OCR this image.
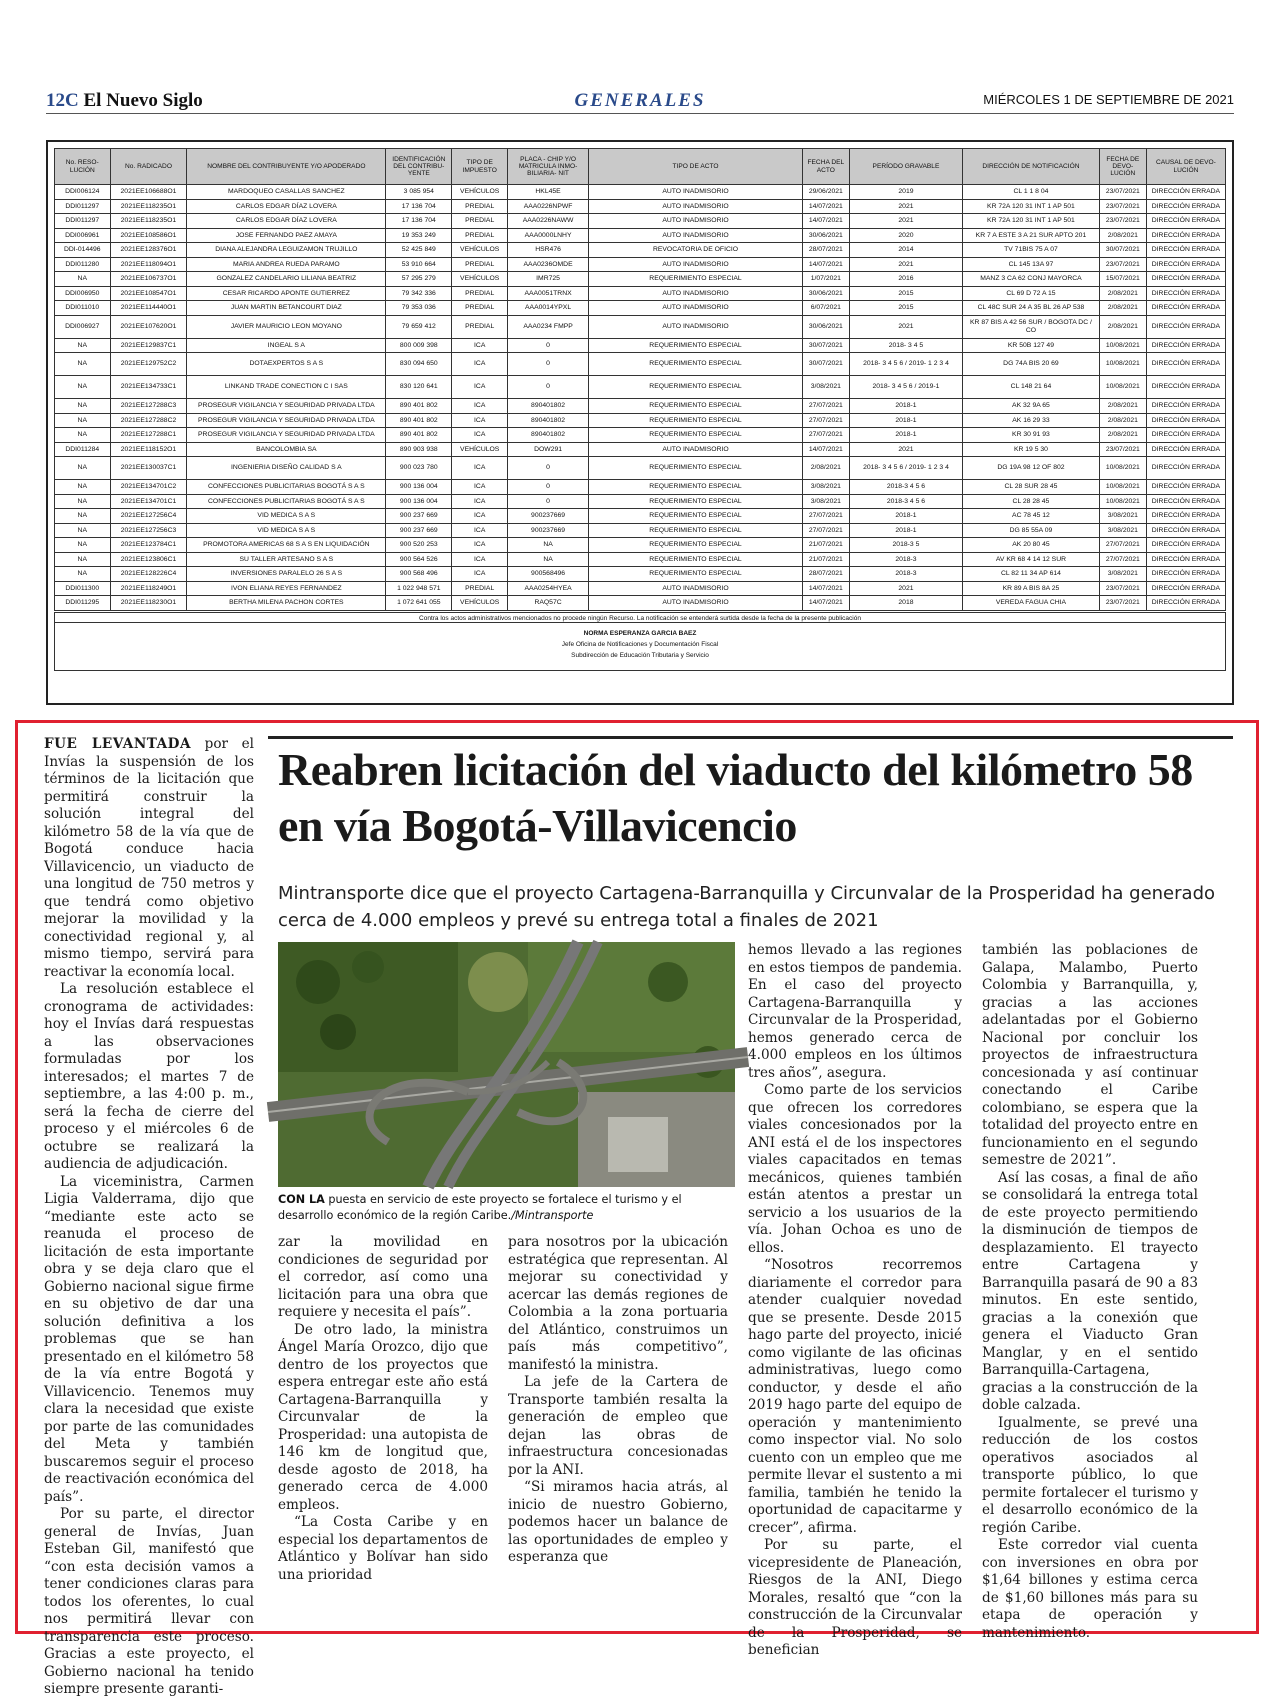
12C El Nuevo Siglo	GENERALES	MIÉRCOLES 1 DE SEPTIEMBRE DE 2021
No. RESO-LUCIÓN	No. RADICADO	NOMBRE DEL CONTRIBUYENTE Y/O APODERADO	IDENTIFICACIÓN DEL CONTRIBU-YENTE	TIPO DE IMPUESTO	PLACA - CHIP Y/O MATRICULA INMO-BILIARIA- NIT	TIPO DE ACTO	FECHA DEL ACTO	PERÍODO GRAVABLE	DIRECCIÓN DE NOTIFICACIÓN	FECHA DE DEVO-LUCIÓN	CAUSAL DE DEVO-LUCIÓN
DDI006124	2021EE106688O1	MARDOQUEO CASALLAS SANCHEZ	3 085 954	VEHÍCULOS	HKL45E	AUTO INADMISORIO	29/06/2021	2019	CL 1 1 8 04	23/07/2021	DIRECCIÓN ERRADA
DDI011297	2021EE118235O1	CARLOS EDGAR DÍAZ LOVERA	17 136 704	PREDIAL	AAA0226NPWF	AUTO INADMISORIO	14/07/2021	2021	KR 72A 120 31 INT 1 AP 501	23/07/2021	DIRECCIÓN ERRADA
DDI011297	2021EE118235O1	CARLOS EDGAR DÍAZ LOVERA	17 136 704	PREDIAL	AAA0226NAWW	AUTO INADMISORIO	14/07/2021	2021	KR 72A 120 31 INT 1 AP 501	23/07/2021	DIRECCIÓN ERRADA
DDI006961	2021EE108586O1	JOSE FERNANDO PAEZ AMAYA	19 353 249	PREDIAL	AAA0000LNHY	AUTO INADMISORIO	30/06/2021	2020	KR 7 A ESTE 3 A 21 SUR APTO 201	2/08/2021	DIRECCIÓN ERRADA
DDI-014496	2021EE128376O1	DIANA ALEJANDRA LEGUIZAMON TRUJILLO	52 425 849	VEHÍCULOS	HSR476	REVOCATORIA DE OFICIO	28/07/2021	2014	TV 71BIS 75 A 07	30/07/2021	DIRECCIÓN ERRADA
DDI011280	2021EE118094O1	MARIA ANDREA RUEDA PARAMO	53 910 664	PREDIAL	AAA0236OMDE	AUTO INADMISORIO	14/07/2021	2021	CL 145 13A 97	23/07/2021	DIRECCIÓN ERRADA
NA	2021EE106737O1	GONZALEZ CANDELARIO LILIANA BEATRIZ	57 295 279	VEHÍCULOS	IMR725	REQUERIMIENTO ESPECIAL	1/07/2021	2016	MANZ 3 CA 62 CONJ MAYORCA	15/07/2021	DIRECCIÓN ERRADA
DDI006950	2021EE108547O1	CESAR RICARDO APONTE GUTIERREZ	79 342 336	PREDIAL	AAA0051TRNX	AUTO INADMISORIO	30/06/2021	2015	CL 69 D 72 A 15	2/08/2021	DIRECCIÓN ERRADA
DDI011010	2021EE114440O1	JUAN MARTIN BETANCOURT DIAZ	79 353 036	PREDIAL	AAA0014YPXL	AUTO INADMISORIO	6/07/2021	2015	CL 48C SUR 24 A 35 BL 26 AP 538	2/08/2021	DIRECCIÓN ERRADA
DDI006927	2021EE107620O1	JAVIER MAURICIO LEON MOYANO	79 659 412	PREDIAL	AAA0234 FMPP	AUTO INADMISORIO	30/06/2021	2021	KR 87 BIS A 42 56 SUR / BOGOTA DC / CO	2/08/2021	DIRECCIÓN ERRADA
NA	2021EE129837C1	INGEAL S A	800 009 398	ICA	0	REQUERIMIENTO ESPECIAL	30/07/2021	2018- 3 4 5	KR 50B 127 49	10/08/2021	DIRECCIÓN ERRADA
NA	2021EE129752C2	DOTAEXPERTOS S A S	830 094 650	ICA	0	REQUERIMIENTO ESPECIAL	30/07/2021	2018- 3 4 5 6 / 2019- 1 2 3 4	DG 74A BIS 20 69	10/08/2021	DIRECCIÓN ERRADA
NA	2021EE134733C1	LINKAND TRADE CONECTION C I SAS	830 120 641	ICA	0	REQUERIMIENTO ESPECIAL	3/08/2021	2018- 3 4 5 6 / 2019-1	CL 148 21 64	10/08/2021	DIRECCIÓN ERRADA
NA	2021EE127288C3	PROSEGUR VIGILANCIA Y SEGURIDAD PRIVADA LTDA	890 401 802	ICA	890401802	REQUERIMIENTO ESPECIAL	27/07/2021	2018-1	AK 32 9A 65	2/08/2021	DIRECCIÓN ERRADA
NA	2021EE127288C2	PROSEGUR VIGILANCIA Y SEGURIDAD PRIVADA LTDA	890 401 802	ICA	890401802	REQUERIMIENTO ESPECIAL	27/07/2021	2018-1	AK 16 29 33	2/08/2021	DIRECCIÓN ERRADA
NA	2021EE127288C1	PROSEGUR VIGILANCIA Y SEGURIDAD PRIVADA LTDA	890 401 802	ICA	890401802	REQUERIMIENTO ESPECIAL	27/07/2021	2018-1	KR 30 91 93	2/08/2021	DIRECCIÓN ERRADA
DDI011284	2021EE118152O1	BANCOLOMBIA SA	890 903 938	VEHÍCULOS	DOW291	AUTO INADMISORIO	14/07/2021	2021	KR 19 5 30	23/07/2021	DIRECCIÓN ERRADA
NA	2021EE130037C1	INGENIERIA DISEÑO CALIDAD S A	900 023 780	ICA	0	REQUERIMIENTO ESPECIAL	2/08/2021	2018- 3 4 5 6 / 2019- 1 2 3 4	DG 19A 98 12 OF 802	10/08/2021	DIRECCIÓN ERRADA
NA	2021EE134701C2	CONFECCIONES PUBLICITARIAS BOGOTÁ S A S	900 136 004	ICA	0	REQUERIMIENTO ESPECIAL	3/08/2021	2018-3 4 5 6	CL 28 SUR 28 45	10/08/2021	DIRECCIÓN ERRADA
NA	2021EE134701C1	CONFECCIONES PUBLICITARIAS BOGOTÁ S A S	900 136 004	ICA	0	REQUERIMIENTO ESPECIAL	3/08/2021	2018-3 4 5 6	CL 28 28 45	10/08/2021	DIRECCIÓN ERRADA
NA	2021EE127256C4	VID MEDICA S A S	900 237 669	ICA	900237669	REQUERIMIENTO ESPECIAL	27/07/2021	2018-1	AC 78 45 12	3/08/2021	DIRECCIÓN ERRADA
NA	2021EE127256C3	VID MEDICA S A S	900 237 669	ICA	900237669	REQUERIMIENTO ESPECIAL	27/07/2021	2018-1	DG 85 55A 09	3/08/2021	DIRECCIÓN ERRADA
NA	2021EE123784C1	PROMOTORA AMERICAS 68 S A S EN LIQUIDACIÓN	900 520 253	ICA	NA	REQUERIMIENTO ESPECIAL	21/07/2021	2018-3 5	AK 20 80 45	27/07/2021	DIRECCIÓN ERRADA
NA	2021EE123806C1	SU TALLER ARTESANO S A S	900 564 526	ICA	NA	REQUERIMIENTO ESPECIAL	21/07/2021	2018-3	AV KR 68 4 14 12 SUR	27/07/2021	DIRECCIÓN ERRADA
NA	2021EE128226C4	INVERSIONES PARALELO 26 S A S	900 568 496	ICA	900568496	REQUERIMIENTO ESPECIAL	28/07/2021	2018-3	CL 82 11 34 AP 614	3/08/2021	DIRECCIÓN ERRADA
DDI011300	2021EE118249O1	IVON ELIANA REYES FERNANDEZ	1 022 948 571	PREDIAL	AAA0254HYEA	AUTO INADMISORIO	14/07/2021	2021	KR 89 A BIS 8A 25	23/07/2021	DIRECCIÓN ERRADA
DDI011295	2021EE118230O1	BERTHA MILENA PACHON CORTES	1 072 641 055	VEHÍCULOS	RAQ57C	AUTO INADMISORIO	14/07/2021	2018	VEREDA FAGUA CHIA	23/07/2021	DIRECCIÓN ERRADA
Contra los actos administrativos mencionados no procede ningún Recurso. La notificación se entenderá surtida desde la fecha de la presente publicación
NORMA ESPERANZA GARCIA BAEZ
Jefe Oficina de Notificaciones y Documentación Fiscal
Subdirección de Educación Tributaria y Servicio
Reabren licitación del viaducto del kilómetro 58 en vía Bogotá-Villavicencio
Mintransporte dice que el proyecto Cartagena-Barranquilla y Circunvalar de la Prosperidad ha generado cerca de 4.000 empleos y prevé su entrega total a finales de 2021

FUE LEVANTADA por el Invías la suspensión de los términos de la licitación que permitirá construir la solución integral del kilómetro 58 de la vía que de Bogotá conduce hacia Villavicencio, un viaducto de una longitud de 750 metros y que tendrá como objetivo mejorar la movilidad y la conectividad regional y, al mismo tiempo, servirá para reactivar la economía local.

La resolución establece el cronograma de actividades: hoy el Invías dará respuestas a las observaciones formuladas por los interesados; el martes 7 de septiembre, a las 4:00 p. m., será la fecha de cierre del proceso y el miércoles 6 de octubre se realizará la audiencia de adjudicación.

La viceministra, Carmen Ligia Valderrama, dijo que “mediante este acto se reanuda el proceso de licitación de esta importante obra y se deja claro que el Gobierno nacional sigue firme en su objetivo de dar una solución definitiva a los problemas que se han presentado en el kilómetro 58 de la vía entre Bogotá y Villavicencio. Tenemos muy clara la necesidad que existe por parte de las comunidades del Meta y también buscaremos seguir el proceso de reactivación económica del país”.

Por su parte, el director general de Invías, Juan Esteban Gil, manifestó que “con esta decisión vamos a tener condiciones claras para todos los oferentes, lo cual nos permitirá llevar con transparencia este proceso. Gracias a este proyecto, el Gobierno nacional ha tenido siempre presente garanti-

CON LA puesta en servicio de este proyecto se fortalece el turismo y el desarrollo económico de la región Caribe./Mintransporte

zar la movilidad en condiciones de seguridad por el corredor, así como una licitación para una obra que requiere y necesita el país”.

De otro lado, la ministra Ángel María Orozco, dijo que dentro de los proyectos que espera entregar este año está Cartagena-Barranquilla y Circunvalar de la Prosperidad: una autopista de 146 km de longitud que, desde agosto de 2018, ha generado cerca de 4.000 empleos.

“La Costa Caribe y en especial los departamentos de Atlántico y Bolívar han sido una prioridad

para nosotros por la ubicación estratégica que representan. Al mejorar su conectividad y acercar las demás regiones de Colombia a la zona portuaria del Atlántico, construimos un país más competitivo”, manifestó la ministra.

La jefe de la Cartera de Transporte también resalta la generación de empleo que dejan las obras de infraestructura concesionadas por la ANI.

“Si miramos hacia atrás, al inicio de nuestro Gobierno, podemos hacer un balance de las oportunidades de empleo y esperanza que

hemos llevado a las regiones en estos tiempos de pandemia. En el caso del proyecto Cartagena-Barranquilla y Circunvalar de la Prosperidad, hemos generado cerca de 4.000 empleos en los últimos tres años”, asegura.

Como parte de los servicios que ofrecen los corredores viales concesionados por la ANI está el de los inspectores viales capacitados en temas mecánicos, quienes también están atentos a prestar un servicio a los usuarios de la vía. Johan Ochoa es uno de ellos.

“Nosotros recorremos diariamente el corredor para atender cualquier novedad que se presente. Desde 2015 hago parte del proyecto, inicié como vigilante de las oficinas administrativas, luego como conductor, y desde el año 2019 hago parte del equipo de operación y mantenimiento como inspector vial. No solo cuento con un empleo que me permite llevar el sustento a mi familia, también he tenido la oportunidad de capacitarme y crecer”, afirma.

Por su parte, el vicepresidente de Planeación, Riesgos de la ANI, Diego Morales, resaltó que “con la construcción de la Circunvalar de la Prosperidad, se benefician

también las poblaciones de Galapa, Malambo, Puerto Colombia y Barranquilla, y, gracias a las acciones adelantadas por el Gobierno Nacional por concluir los proyectos de infraestructura concesionada y así continuar conectando el Caribe colombiano, se espera que la totalidad del proyecto entre en funcionamiento en el segundo semestre de 2021”.

Así las cosas, a final de año se consolidará la entrega total de este proyecto permitiendo la disminución de tiempos de desplazamiento. El trayecto entre Cartagena y Barranquilla pasará de 90 a 83 minutos. En este sentido, gracias a la conexión que genera el Viaducto Gran Manglar, y en el sentido Barranquilla-Cartagena, gracias a la construcción de la doble calzada.

Igualmente, se prevé una reducción de los costos operativos asociados al transporte público, lo que permite fortalecer el turismo y el desarrollo económico de la región Caribe.

Este corredor vial cuenta con inversiones en obra por $1,64 billones y estima cerca de $1,60 billones más para su etapa de operación y mantenimiento.
